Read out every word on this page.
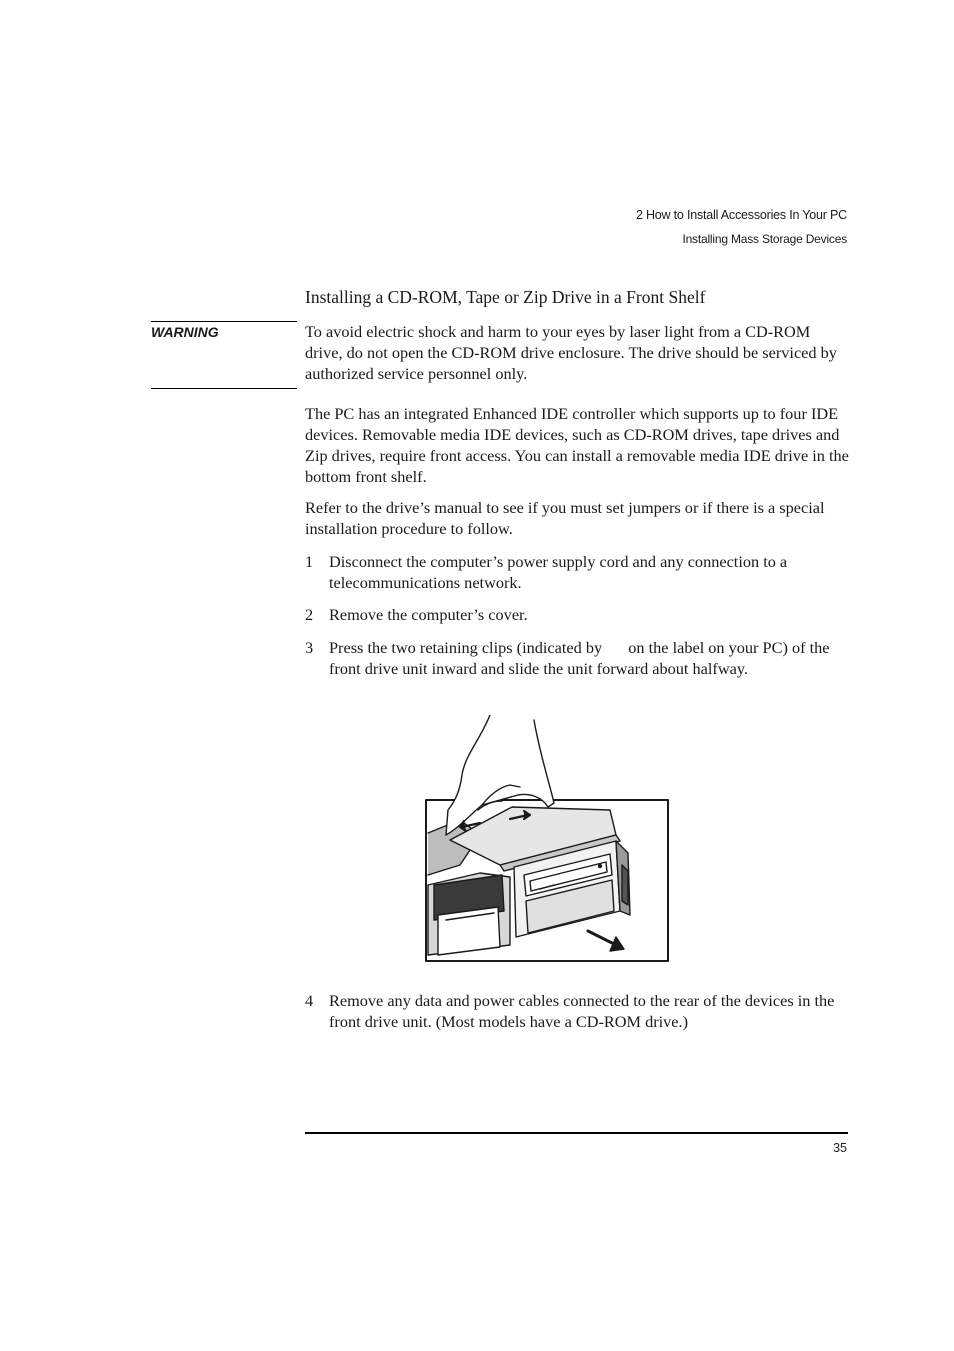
2 How to Install Accessories In Your PC
Installing Mass Storage Devices
Installing a CD-ROM, Tape or Zip Drive in a Front Shelf
WARNING	To avoid electric shock and harm to your eyes by laser light from a CD-ROM drive, do not open the CD-ROM drive enclosure. The drive should be serviced by authorized service personnel only.

The PC has an integrated Enhanced IDE controller which supports up to four IDE devices. Removable media IDE devices, such as CD-ROM drives, tape drives and Zip drives, require front access. You can install a removable media IDE drive in the bottom front shelf.

Refer to the drive’s manual to see if you must set jumpers or if there is a special installation procedure to follow.

1 Disconnect the computer’s power supply cord and any connection to a telecommunications network.
2 Remove the computer’s cover.
3 Press the two retaining clips (indicated by on the label on your PC) of the front drive unit inward and slide the unit forward about halfway.
4 Remove any data and power cables connected to the rear of the devices in the front drive unit. (Most models have a CD-ROM drive.)
35
